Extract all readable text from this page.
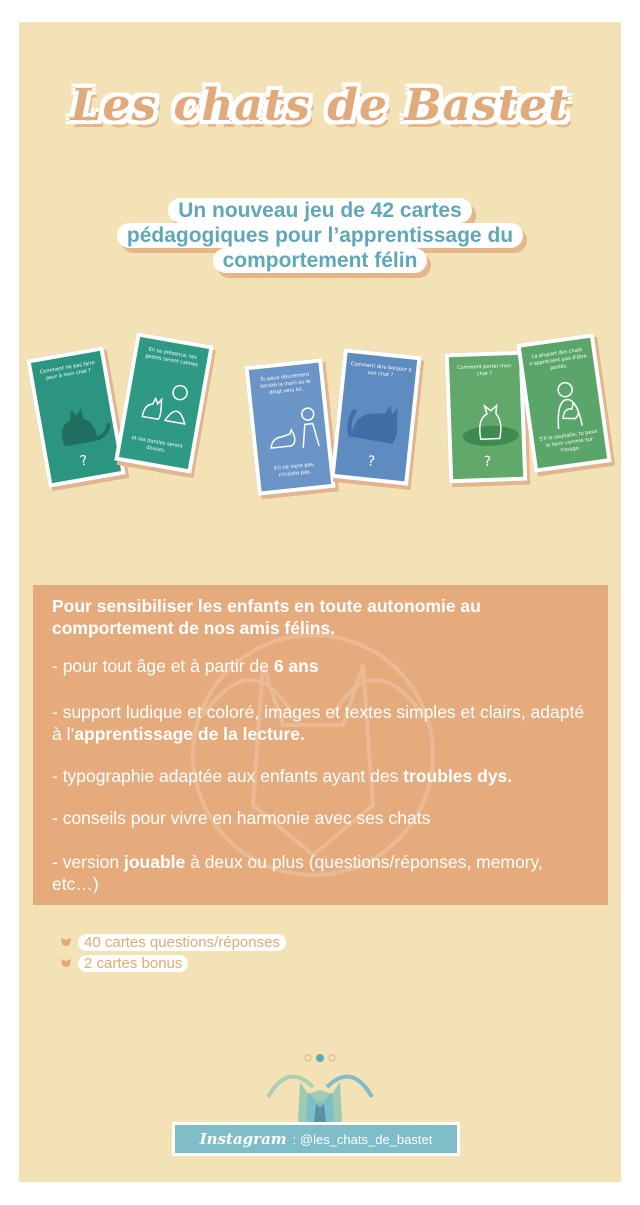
Les chats de Bastet
Un nouveau jeu de 42 cartes
pédagogiques pour l’apprentissage du
comportement félin
Comment ne pas faire peur à mon chat ?
?
En sa présence, tes gestes seront calmes
et tes paroles seront douces.
Tu peux doucement tendre la main ou le doigt vers lui.
S'il ne vient pas, n'insiste pas.
Comment dire bonjour à son chat ?
?
Comment porter mon chat ?
?
La plupart des chats n'apprécient pas d'être portés.
S'il le souhaite, tu peux le tenir comme sur l'image.

Pour sensibiliser les enfants en toute autonomie au comportement de nos amis félins.

- pour tout âge et à partir de 6 ans

- support ludique et coloré, images et textes simples et clairs, adapté à l’apprentissage de la lecture.

- typographie adaptée aux enfants ayant des troubles dys.

- conseils pour vivre en harmonie avec ses chats

- version jouable à deux ou plus (questions/réponses, memory, etc…)

40 cartes questions/réponses
2 cartes bonus
Instagram : @les_chats_de_bastet
